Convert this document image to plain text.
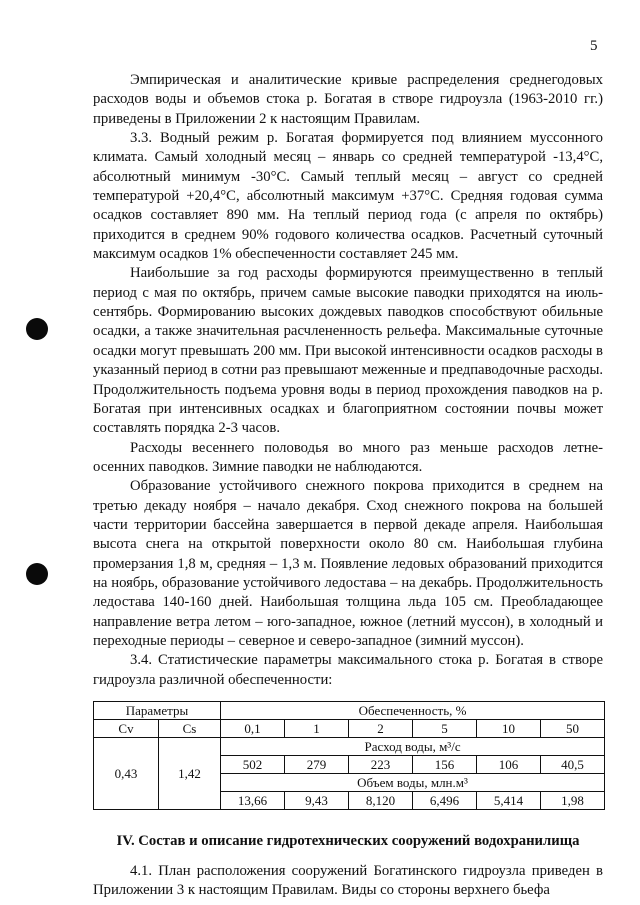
5

Эмпирическая и аналитические кривые распределения среднегодовых расходов воды и объемов стока р. Богатая в створе гидроузла (1963-2010 гг.) приведены в Приложении 2 к настоящим Правилам.

3.3. Водный режим р. Богатая формируется под влиянием муссонного климата. Самый холодный месяц – январь со средней температурой -13,4°С, абсолютный минимум -30°С. Самый теплый месяц – август со средней температурой +20,4°С, абсолютный максимум +37°С. Средняя годовая сумма осадков составляет 890 мм. На теплый период года (с апреля по октябрь) приходится в среднем 90% годового количества осадков. Расчетный суточный максимум осадков 1% обеспеченности составляет 245 мм.

Наибольшие за год расходы формируются преимущественно в теплый период с мая по октябрь, причем самые высокие паводки приходятся на июль-сентябрь. Формированию высоких дождевых паводков способствуют обильные осадки, а также значительная расчлененность рельефа. Максимальные суточные осадки могут превышать 200 мм. При высокой интенсивности осадков расходы в указанный период в сотни раз превышают меженные и предпаводочные расходы. Продолжительность подъема уровня воды в период прохождения паводков на р. Богатая при интенсивных осадках и благоприятном состоянии почвы может составлять порядка 2-3 часов.

Расходы весеннего половодья во много раз меньше расходов летне-осенних паводков. Зимние паводки не наблюдаются.

Образование устойчивого снежного покрова приходится в среднем на третью декаду ноября – начало декабря. Сход снежного покрова на большей части территории бассейна завершается в первой декаде апреля. Наибольшая высота снега на открытой поверхности около 80 см. Наибольшая глубина промерзания 1,8 м, средняя – 1,3 м. Появление ледовых образований приходится на ноябрь, образование устойчивого ледостава – на декабрь. Продолжительность ледостава 140-160 дней. Наибольшая толщина льда 105 см. Преобладающее направление ветра летом – юго-западное, южное (летний муссон), в холодный и переходные периоды – северное и северо-западное (зимний муссон).

3.4. Статистические параметры максимального стока р. Богатая в створе гидроузла различной обеспеченности:

Параметры		Обеспеченность, %					
Cv	Cs	0,1	1	2	5	10	50
0,43	1,42	Расход воды, м³/с					
		502	279	223	156	106	40,5
		Объем воды, млн.м³					
		13,66	9,43	8,120	6,496	5,414	1,98
IV. Состав и описание гидротехнических сооружений водохранилища

4.1. План расположения сооружений Богатинского гидроузла приведен в Приложении 3 к настоящим Правилам. Виды со стороны верхнего бьефа
